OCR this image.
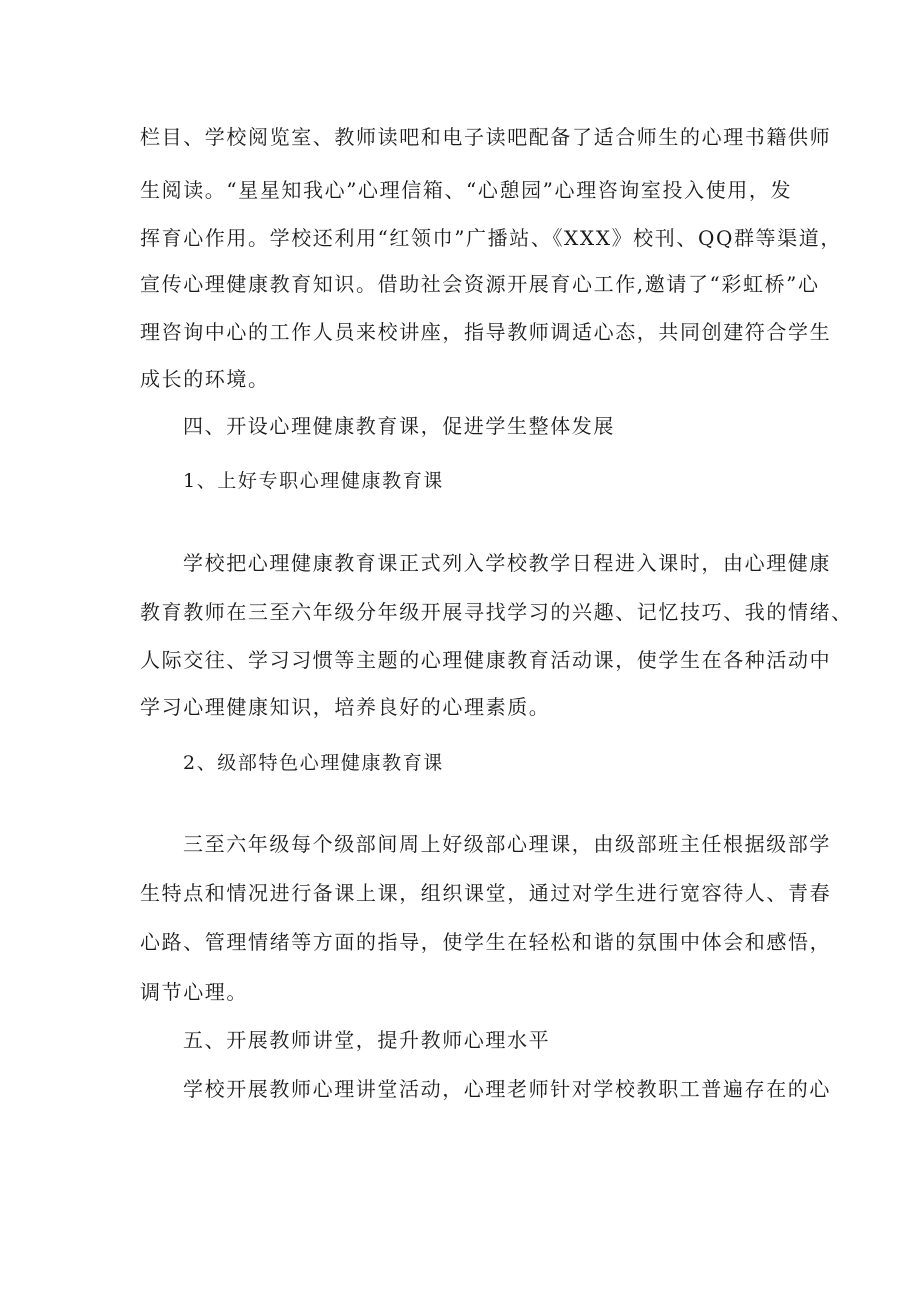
栏目、学校阅览室、教师读吧和电子读吧配备了适合师生的心理书籍供师
生阅读。“星星知我心”心理信箱、“心憩园”心理咨询室投入使用，发
挥育心作用。学校还利用“红领巾”广播站、《XXX》校刊、QQ群等渠道，
宣传心理健康教育知识。借助社会资源开展育心工作,邀请了“彩虹桥”心
理咨询中心的工作人员来校讲座，指导教师调适心态，共同创建符合学生
成长的环境。
四、开设心理健康教育课，促进学生整体发展
1、上好专职心理健康教育课
学校把心理健康教育课正式列入学校教学日程进入课时，由心理健康
教育教师在三至六年级分年级开展寻找学习的兴趣、记忆技巧、我的情绪、
人际交往、学习习惯等主题的心理健康教育活动课，使学生在各种活动中
学习心理健康知识，培养良好的心理素质。
2、级部特色心理健康教育课
三至六年级每个级部间周上好级部心理课，由级部班主任根据级部学
生特点和情况进行备课上课，组织课堂，通过对学生进行宽容待人、青春
心路、管理情绪等方面的指导，使学生在轻松和谐的氛围中体会和感悟，
调节心理。
五、开展教师讲堂，提升教师心理水平
学校开展教师心理讲堂活动，心理老师针对学校教职工普遍存在的心
